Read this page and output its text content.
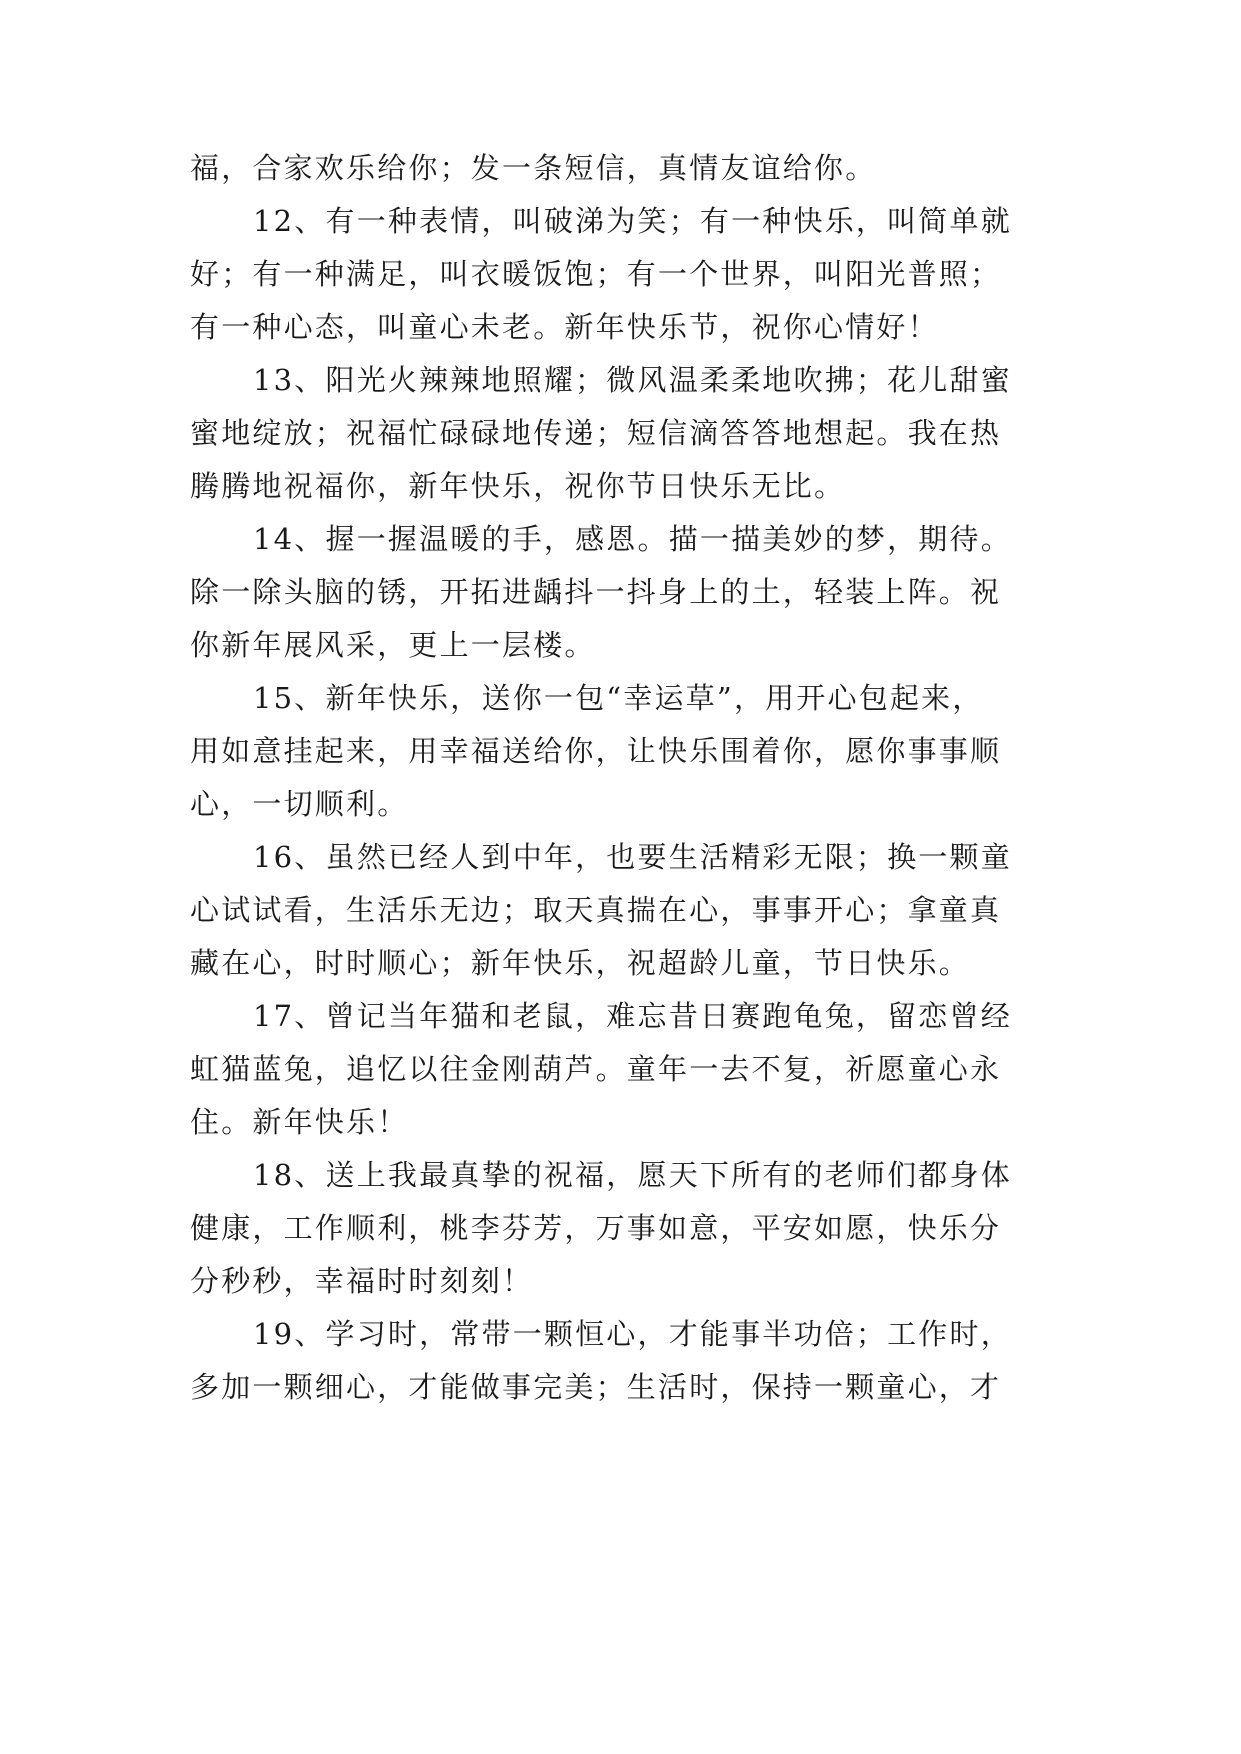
福，合家欢乐给你；发一条短信，真情友谊给你。
12、有一种表情，叫破涕为笑；有一种快乐，叫简单就
好；有一种满足，叫衣暖饭饱；有一个世界，叫阳光普照；
有一种心态，叫童心未老。新年快乐节，祝你心情好！
13、阳光火辣辣地照耀；微风温柔柔地吹拂；花儿甜蜜
蜜地绽放；祝福忙碌碌地传递；短信滴答答地想起。我在热
腾腾地祝福你，新年快乐，祝你节日快乐无比。
14、握一握温暖的手，感恩。描一描美妙的梦，期待。
除一除头脑的锈，开拓进龋抖一抖身上的土，轻装上阵。祝
你新年展风采，更上一层楼。
15、新年快乐，送你一包“幸运草”，用开心包起来，
用如意挂起来，用幸福送给你，让快乐围着你，愿你事事顺
心，一切顺利。
16、虽然已经人到中年，也要生活精彩无限；换一颗童
心试试看，生活乐无边；取天真揣在心，事事开心；拿童真
藏在心，时时顺心；新年快乐，祝超龄儿童，节日快乐。
17、曾记当年猫和老鼠，难忘昔日赛跑龟兔，留恋曾经
虹猫蓝兔，追忆以往金刚葫芦。童年一去不复，祈愿童心永
住。新年快乐！
18、送上我最真挚的祝福，愿天下所有的老师们都身体
健康，工作顺利，桃李芬芳，万事如意，平安如愿，快乐分
分秒秒，幸福时时刻刻！
19、学习时，常带一颗恒心，才能事半功倍；工作时，
多加一颗细心，才能做事完美；生活时，保持一颗童心，才
